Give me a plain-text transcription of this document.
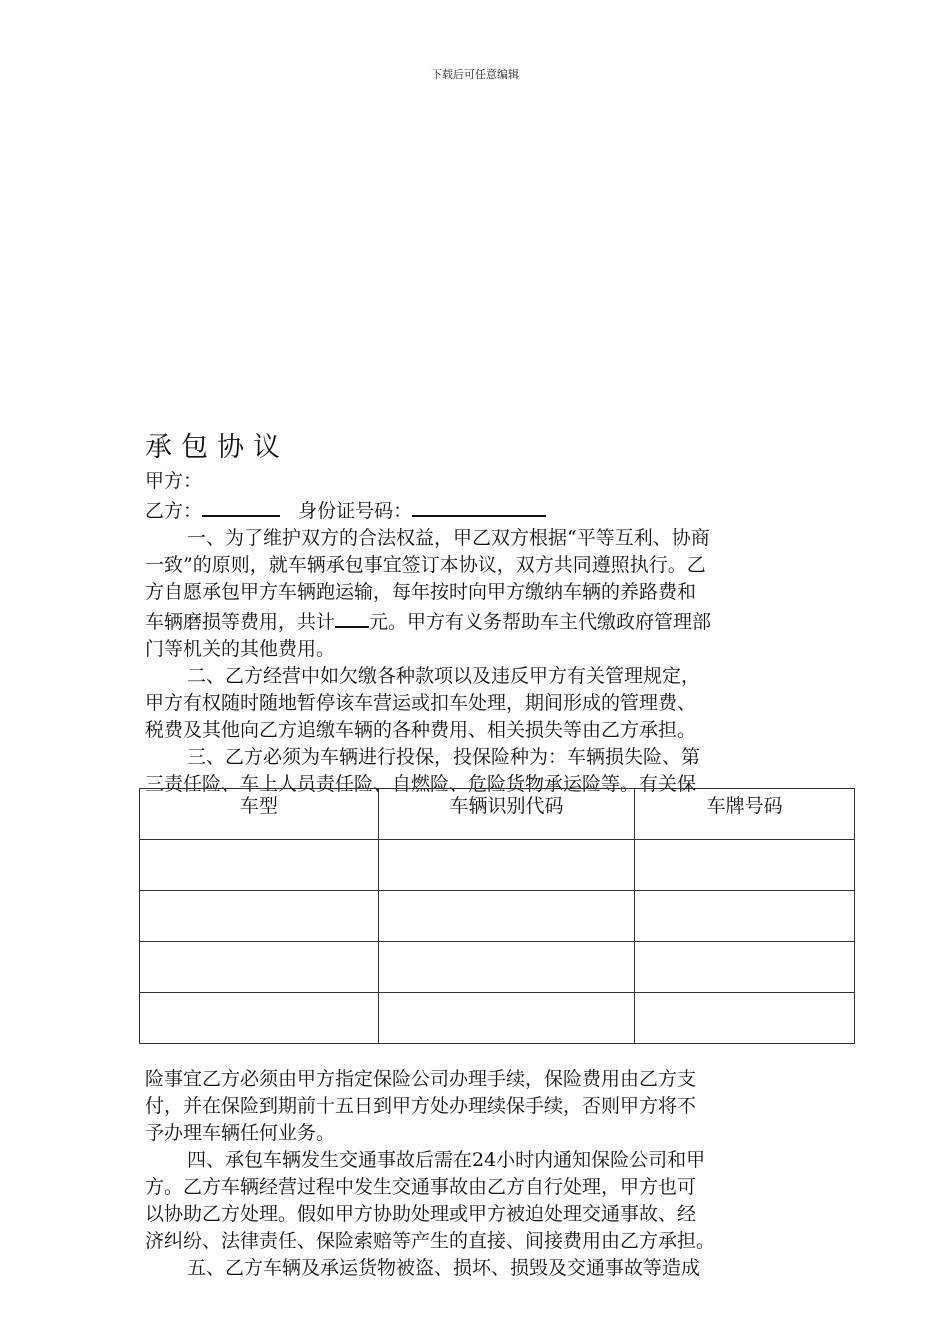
下载后可任意编辑
承包协议
甲方：
乙方：	身份证号码：
一、为了维护双方的合法权益，甲乙双方根据“平等互利、协商
一致”的原则，就车辆承包事宜签订本协议，双方共同遵照执行。乙
方自愿承包甲方车辆跑运输，每年按时向甲方缴纳车辆的养路费和
车辆磨损等费用，共计 元。甲方有义务帮助车主代缴政府管理部
门等机关的其他费用。
二、乙方经营中如欠缴各种款项以及违反甲方有关管理规定，
甲方有权随时随地暂停该车营运或扣车处理，期间形成的管理费、
税费及其他向乙方追缴车辆的各种费用、相关损失等由乙方承担。
三、乙方必须为车辆进行投保，投保险种为：车辆损失险、第
三责任险、车上人员责任险、自燃险、危险货物承运险等。有关保
车型	车辆识别代码	车牌号码

险事宜乙方必须由甲方指定保险公司办理手续，保险费用由乙方支
付，并在保险到期前十五日到甲方处办理续保手续，否则甲方将不
予办理车辆任何业务。
四、承包车辆发生交通事故后需在24小时内通知保险公司和甲
方。乙方车辆经营过程中发生交通事故由乙方自行处理，甲方也可
以协助乙方处理。假如甲方协助处理或甲方被迫处理交通事故、经
济纠纷、法律责任、保险索赔等产生的直接、间接费用由乙方承担。
五、乙方车辆及承运货物被盗、损坏、损毁及交通事故等造成
